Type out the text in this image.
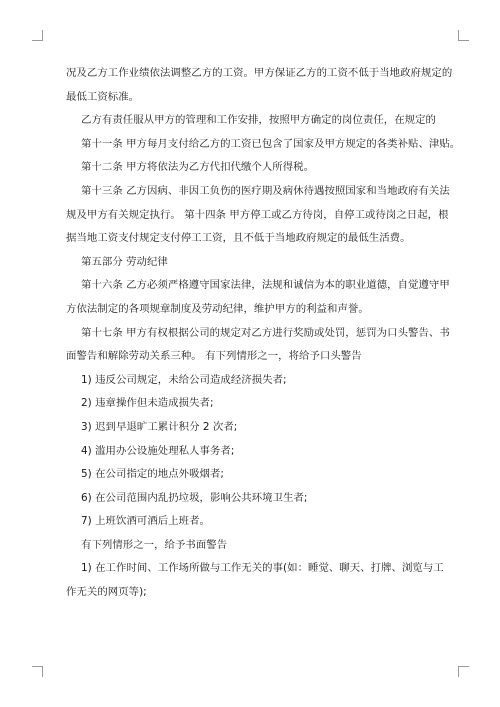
况及乙方工作业绩依法调整乙方的工资。甲方保证乙方的工资不低于当地政府规定的
最低工资标准。
乙方有责任服从甲方的管理和工作安排，按照甲方确定的岗位责任，在规定的
第十一条 甲方每月支付给乙方的工资已包含了国家及甲方规定的各类补贴、津贴。
第十二条 甲方将依法为乙方代扣代缴个人所得税。
第十三条 乙方因病、非因工负伤的医疗期及病休待遇按照国家和当地政府有关法
规及甲方有关规定执行。 第十四条 甲方停工或乙方待岗，自停工或待岗之日起，根
据当地工资支付规定支付停工工资，且不低于当地政府规定的最低生活费。
第五部分 劳动纪律
第十六条 乙方必须严格遵守国家法律，法规和诚信为本的职业道德，自觉遵守甲
方依法制定的各项规章制度及劳动纪律，维护甲方的利益和声誉。
第十七条 甲方有权根据公司的规定对乙方进行奖励或处罚，惩罚为口头警告、书
面警告和解除劳动关系三种。 有下列情形之一，将给予口头警告
1) 违反公司规定，未给公司造成经济损失者;
2) 违章操作但未造成损失者;
3) 迟到早退旷工累计积分 2 次者;
4) 滥用办公设施处理私人事务者;
5) 在公司指定的地点外吸烟者;
6) 在公司范围内乱扔垃圾，影响公共环境卫生者;
7) 上班饮酒可酒后上班者。
有下列情形之一，给予书面警告
1) 在工作时间、工作场所做与工作无关的事(如：睡觉、聊天、打牌、浏览与工
作无关的网页等);
